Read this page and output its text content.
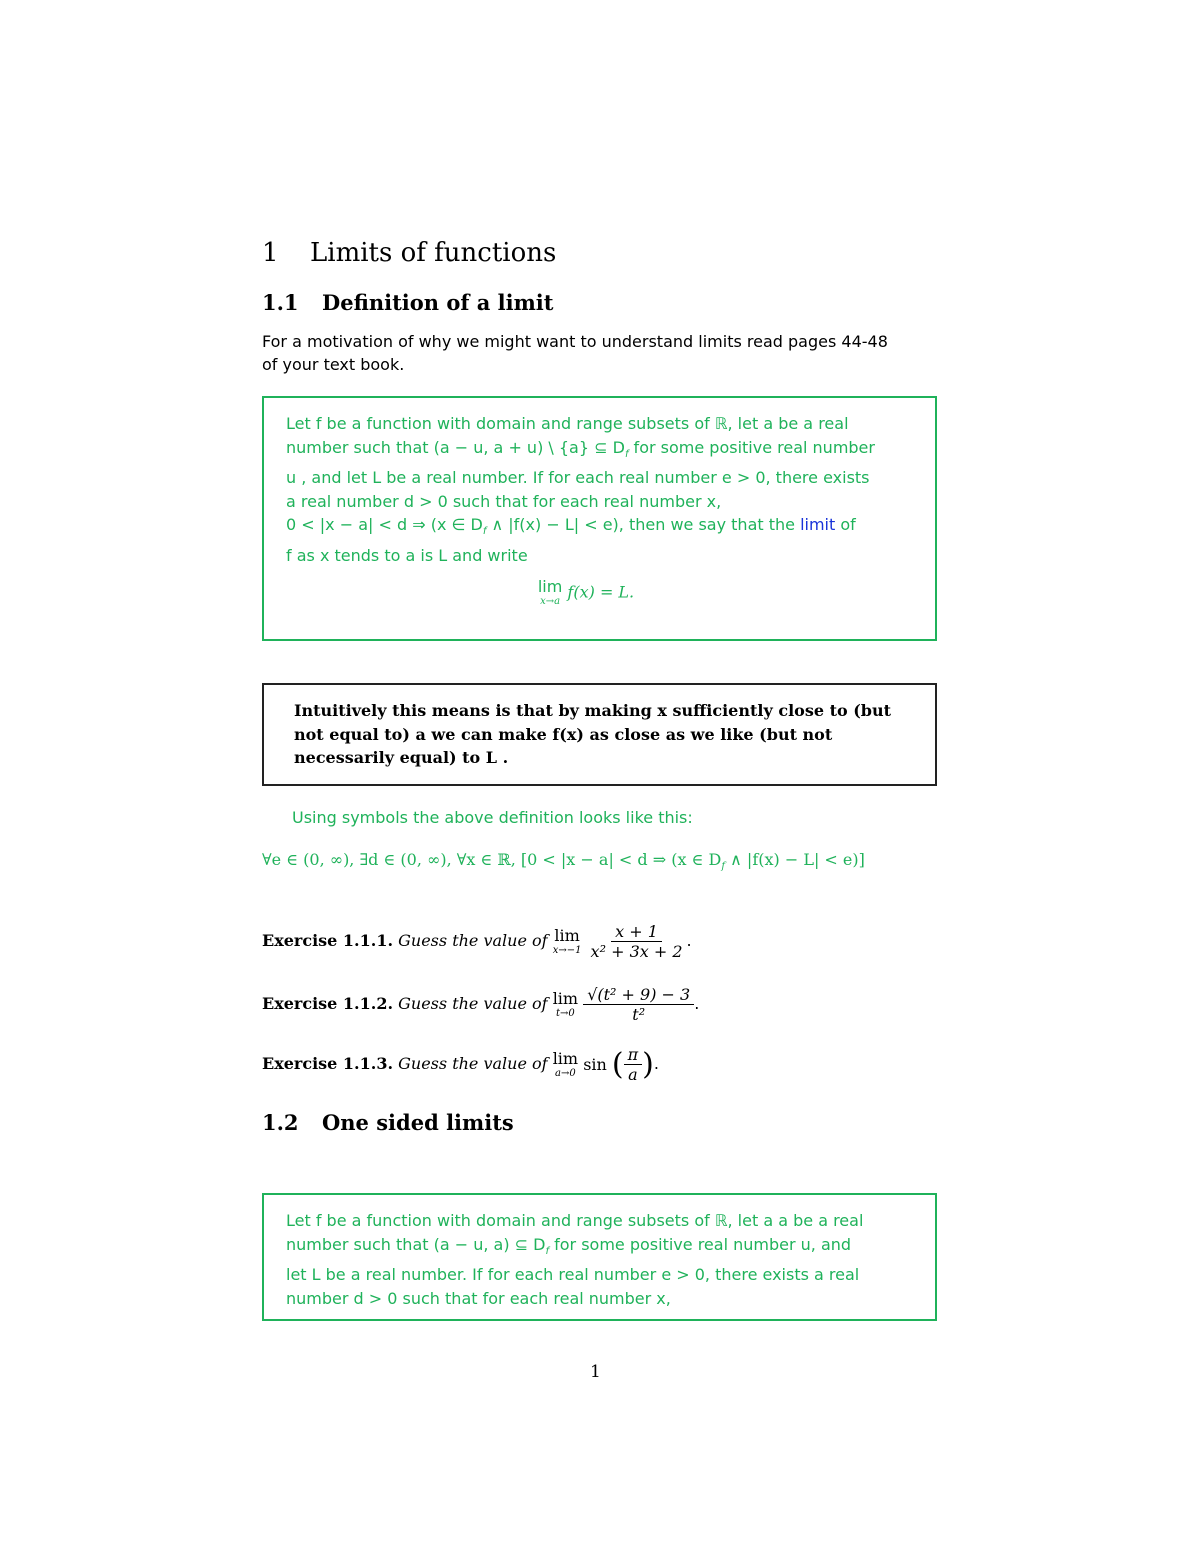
1 Limits of functions
1.1 Definition of a limit
For a motivation of why we might want to understand limits read pages 44-48
of your text book.
Let f be a function with domain and range subsets of ℝ, let a be a real
number such that (a − u, a + u) \ {a} ⊆ $D_f$ for some positive real number
u , and let L be a real number. If for each real number e > 0, there exists
a real number d > 0 such that for each real number x,
0 < |x − a| < d ⇒ (x ∈ $D_f$ ∧ |f(x) − L| < e), then we say that the limit of
f as x tends to a is L and write
lim
x→a f(x) = L.
Intuitively this means is that by making x sufficiently close to (but not equal to) a we can make f(x) as close as we like (but not necessarily equal) to L .
Using symbols the above definition looks like this:
∀e ∈ (0, ∞), ∃d ∈ (0, ∞), ∀x ∈ ℝ, [0 < |x − a| < d ⇒ (x ∈ $D_f$ ∧ |f(x) − L| < e)]
Exercise 1.1.1. Guess the value of lim
x→−1
$\frac{x + 1}{\text{x² + 3x + 2}}$ .
Exercise 1.1.2. Guess the value of lim
t→0
$\frac{\text{√(t² + 9) − 3}}{\text{t²}}$ .
Exercise 1.1.3. Guess the value of lim
a→0 sin ( $\frac{\pi}{a}$ ).
1.2 One sided limits
Let f be a function with domain and range subsets of ℝ, let a a be a real
number such that (a − u, a) ⊆ $D_f$ for some positive real number u, and
let L be a real number. If for each real number e > 0, there exists a real
number d > 0 such that for each real number x,
1
